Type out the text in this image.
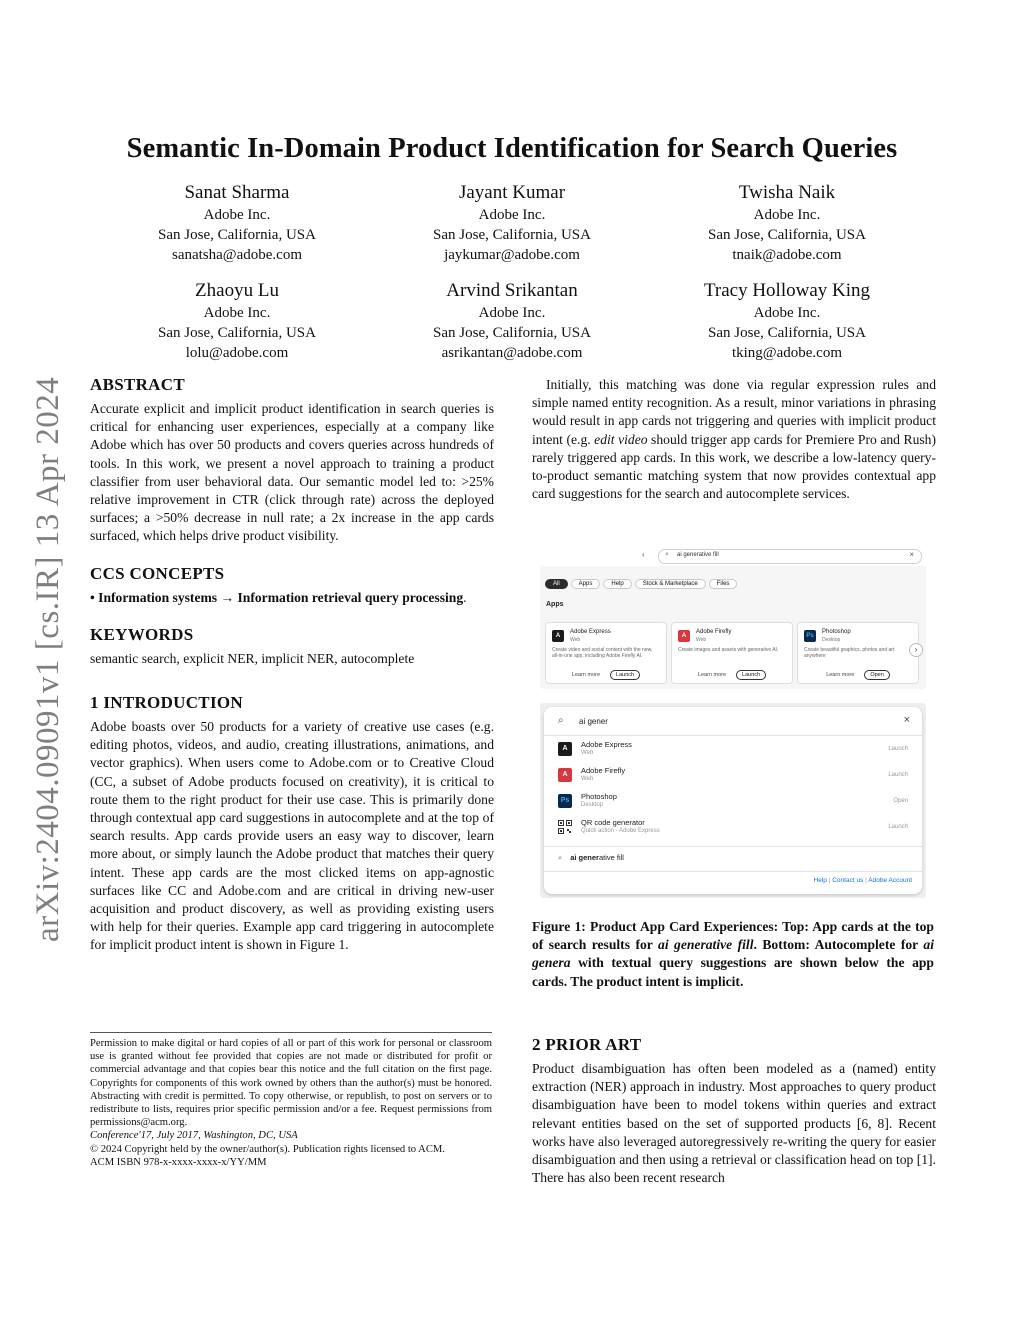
Semantic In-Domain Product Identification for Search Queries
Sanat Sharma
Adobe Inc.
San Jose, California, USA
sanatsha@adobe.com
Jayant Kumar
Adobe Inc.
San Jose, California, USA
jaykumar@adobe.com
Twisha Naik
Adobe Inc.
San Jose, California, USA
tnaik@adobe.com
Zhaoyu Lu
Adobe Inc.
San Jose, California, USA
lolu@adobe.com
Arvind Srikantan
Adobe Inc.
San Jose, California, USA
asrikantan@adobe.com
Tracy Holloway King
Adobe Inc.
San Jose, California, USA
tking@adobe.com
arXiv:2404.09091v1 [cs.IR] 13 Apr 2024 ABSTRACT

Accurate explicit and implicit product identification in search queries is critical for enhancing user experiences, especially at a company like Adobe which has over 50 products and covers queries across hundreds of tools. In this work, we present a novel approach to training a product classifier from user behavioral data. Our semantic model led to: >25% relative improvement in CTR (click through rate) across the deployed surfaces; a >50% decrease in null rate; a 2x increase in the app cards surfaced, which helps drive product visibility.

CCS CONCEPTS

• Information systems → Information retrieval query processing.

KEYWORDS

semantic search, explicit NER, implicit NER, autocomplete

1 INTRODUCTION

Adobe boasts over 50 products for a variety of creative use cases (e.g. editing photos, videos, and audio, creating illustrations, animations, and vector graphics). When users come to Adobe.com or to Creative Cloud (CC, a subset of Adobe products focused on creativity), it is critical to route them to the right product for their use case. This is primarily done through contextual app card suggestions in autocomplete and at the top of search results. App cards provide users an easy way to discover, learn more about, or simply launch the Adobe product that matches their query intent. These app cards are the most clicked items on app-agnostic surfaces like CC and Adobe.com and are critical in driving new-user acquisition and product discovery, as well as providing existing users with help for their queries. Example app card triggering in autocomplete for implicit product intent is shown in Figure 1.

Permission to make digital or hard copies of all or part of this work for personal or classroom use is granted without fee provided that copies are not made or distributed for profit or commercial advantage and that copies bear this notice and the full citation on the first page. Copyrights for components of this work owned by others than the author(s) must be honored. Abstracting with credit is permitted. To copy otherwise, or republish, to post on servers or to redistribute to lists, requires prior specific permission and/or a fee. Request permissions from permissions@acm.org.
Conference'17, July 2017, Washington, DC, USA
© 2024 Copyright held by the owner/author(s). Publication rights licensed to ACM.
ACM ISBN 978-x-xxxx-xxxx-x/YY/MM

Initially, this matching was done via regular expression rules and simple named entity recognition. As a result, minor variations in phrasing would result in app cards not triggering and queries with implicit product intent (e.g. edit video should trigger app cards for Premiere Pro and Rush) rarely triggered app cards. In this work, we describe a low-latency query-to-product semantic matching system that now provides contextual app card suggestions for the search and autocomplete services.

‹	⌕ ai generative fill	×
All	Apps	Help	Stock & Marketplace	Files
Apps
A
Adobe Express
Web
Create video and social content with the new, all-in-one app, including Adobe Firefly AI.
Learn more	Launch
A
Adobe Firefly
Web
Create images and assets with generative AI.
Learn more	Launch
Ps
Photoshop
Desktop
Create beautiful graphics, photos and art anywhere
Learn more	Open
›
⌕ ai gener	×
A	Adobe Express
Web
Launch
A	Adobe Firefly
Web
Launch
Ps	Photoshop
Desktop
Open
QR code generator
Quick action - Adobe Express
Launch
⌕ ai generative fill
Help | Contact us | Adobe Account
Figure 1: Product App Card Experiences: Top: App cards at the top of search results for ai generative fill. Bottom: Autocomplete for ai genera with textual query suggestions are shown below the app cards. The product intent is implicit.
2 PRIOR ART

Product disambiguation has often been modeled as a (named) entity extraction (NER) approach in industry. Most approaches to query product disambiguation have been to model tokens within queries and extract relevant entities based on the set of supported products [6, 8]. Recent works have also leveraged autoregressively re-writing the query for easier disambiguation and then using a retrieval or classification head on top [1]. There has also been recent research
